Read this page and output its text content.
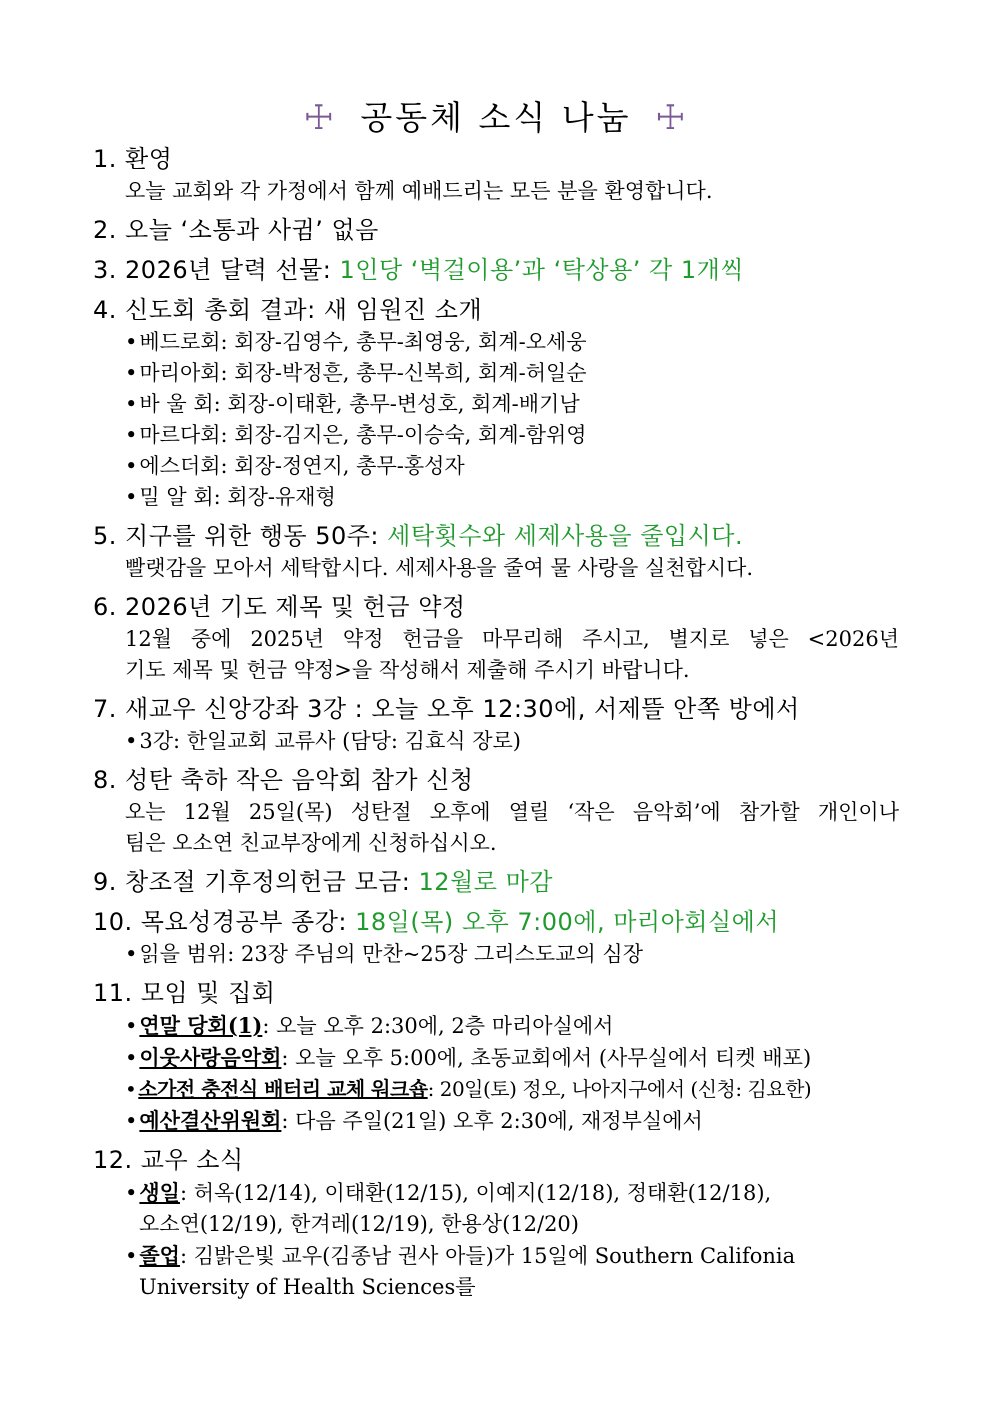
☩ 공동체 소식 나눔 ☩
1. 환영
오늘 교회와 각 가정에서 함께 예배드리는 모든 분을 환영합니다.
2. 오늘 ‘소통과 사귐’ 없음
3. 2026년 달력 선물: 1인당 ‘벽걸이용’과 ‘탁상용’ 각 1개씩
4. 신도회 총회 결과: 새 임원진 소개
•베드로회: 회장-김영수, 총무-최영웅, 회계-오세웅
•마리아회: 회장-박정흔, 총무-신복희, 회계-허일순
•바 울 회: 회장-이태환, 총무-변성호, 회계-배기남
•마르다회: 회장-김지은, 총무-이승숙, 회계-함위영
•에스더회: 회장-정연지, 총무-홍성자
•밀 알 회: 회장-유재형
5. 지구를 위한 행동 50주: 세탁횟수와 세제사용을 줄입시다.
빨랫감을 모아서 세탁합시다. 세제사용을 줄여 물 사랑을 실천합시다.
6. 2026년 기도 제목 및 헌금 약정
12월 중에 2025년 약정 헌금을 마무리해 주시고, 별지로 넣은 <2026년
기도 제목 및 헌금 약정>을 작성해서 제출해 주시기 바랍니다.
7. 새교우 신앙강좌 3강 : 오늘 오후 12:30에, 서제뜰 안쪽 방에서
•3강: 한일교회 교류사 (담당: 김효식 장로)
8. 성탄 축하 작은 음악회 참가 신청
오는 12월 25일(목) 성탄절 오후에 열릴 ‘작은 음악회’에 참가할 개인이나
팀은 오소연 친교부장에게 신청하십시오.
9. 창조절 기후정의헌금 모금: 12월로 마감
10. 목요성경공부 종강: 18일(목) 오후 7:00에, 마리아회실에서
•읽을 범위: 23장 주님의 만찬~25장 그리스도교의 심장
11. 모임 및 집회
•연말 당회(1): 오늘 오후 2:30에, 2층 마리아실에서
•이웃사랑음악회: 오늘 오후 5:00에, 초동교회에서 (사무실에서 티켓 배포)
• 소가전 충전식 배터리 교체 워크숍: 20일(토) 정오, 나아지구에서 (신청: 김요한)
•예산결산위원회: 다음 주일(21일) 오후 2:30에, 재정부실에서
12. 교우 소식
•생일: 허옥(12/14), 이태환(12/15), 이예지(12/18), 정태환(12/18),
오소연(12/19), 한겨레(12/19), 한용상(12/20)
•졸업: 김밝은빛 교우(김종남 권사 아들)가 15일에 Southern Califonia
University of Health Sciences를
